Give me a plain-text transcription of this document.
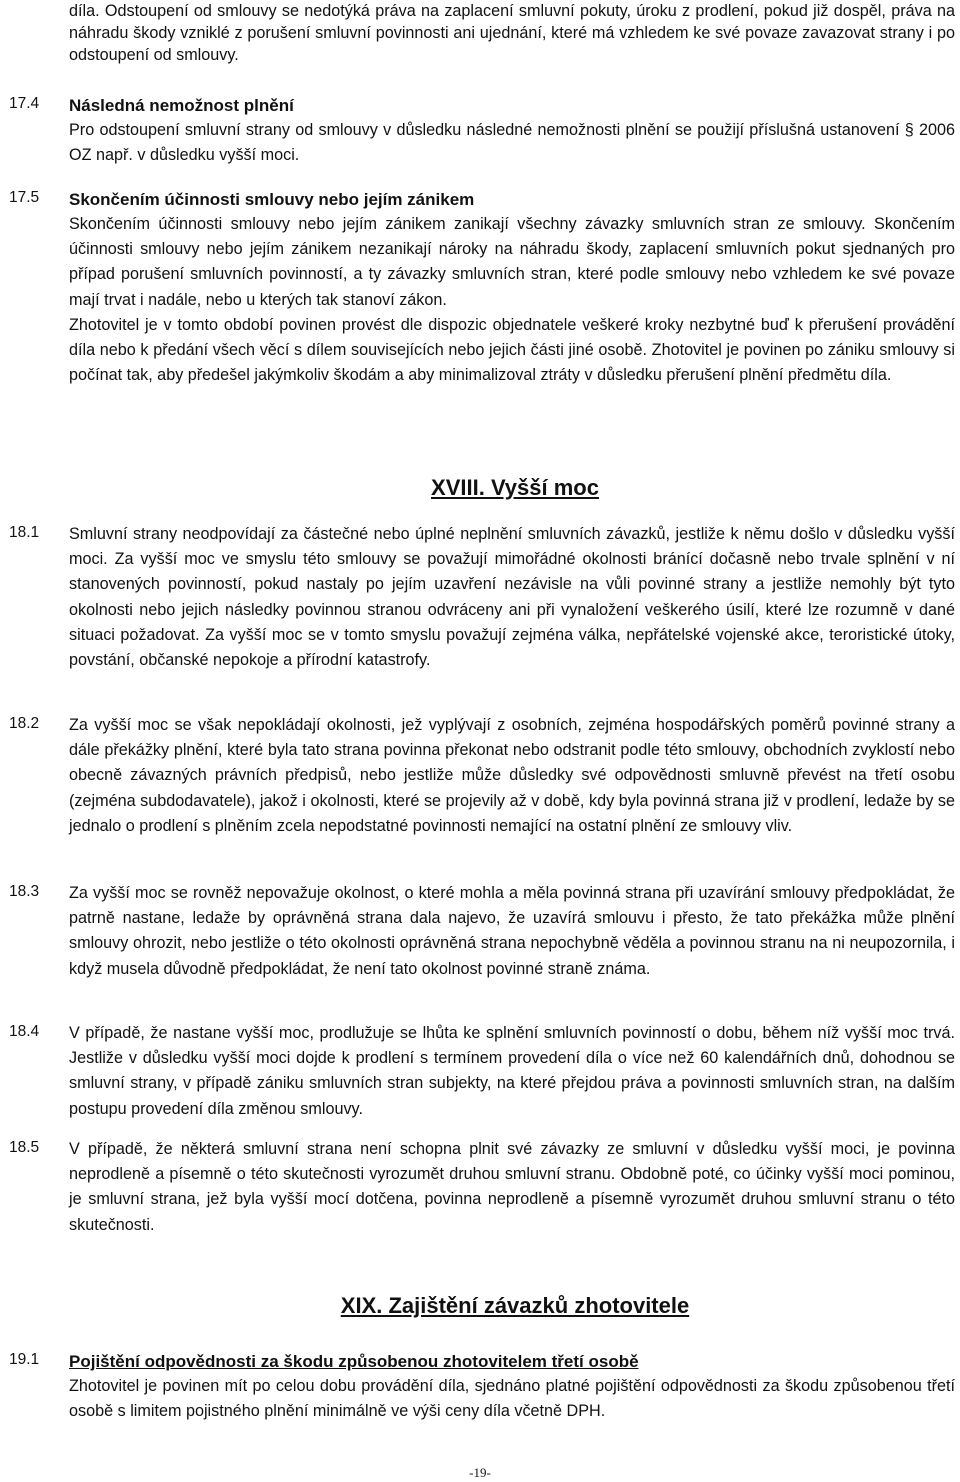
díla. Odstoupení od smlouvy se nedotýká práva na zaplacení smluvní pokuty, úroku z prodlení, pokud již dospěl, práva na náhradu škody vzniklé z porušení smluvní povinnosti ani ujednání, které má vzhledem ke své povaze zavazovat strany i po odstoupení od smlouvy.
17.4 Následná nemožnost plnění
Pro odstoupení smluvní strany od smlouvy v důsledku následné nemožnosti plnění se použijí příslušná ustanovení § 2006 OZ např. v důsledku vyšší moci.
17.5 Skončením účinnosti smlouvy nebo jejím zánikem
Skončením účinnosti smlouvy nebo jejím zánikem zanikají všechny závazky smluvních stran ze smlouvy. Skončením účinnosti smlouvy nebo jejím zánikem nezanikají nároky na náhradu škody, zaplacení smluvních pokut sjednaných pro případ porušení smluvních povinností, a ty závazky smluvních stran, které podle smlouvy nebo vzhledem ke své povaze mají trvat i nadále, nebo u kterých tak stanoví zákon.
Zhotovitel je v tomto období povinen provést dle dispozic objednatele veškeré kroky nezbytné buď k přerušení provádění díla nebo k předání všech věcí s dílem souvisejících nebo jejich části jiné osobě. Zhotovitel je povinen po zániku smlouvy si počínat tak, aby předešel jakýmkoliv škodám a aby minimalizoval ztráty v důsledku přerušení plnění předmětu díla.
XVIII. Vyšší moc
18.1 Smluvní strany neodpovídají za částečné nebo úplné neplnění smluvních závazků, jestliže k němu došlo v důsledku vyšší moci. Za vyšší moc ve smyslu této smlouvy se považují mimořádné okolnosti bránící dočasně nebo trvale splnění v ní stanovených povinností, pokud nastaly po jejím uzavření nezávisle na vůli povinné strany a jestliže nemohly být tyto okolnosti nebo jejich následky povinnou stranou odvráceny ani při vynaložení veškerého úsilí, které lze rozumně v dané situaci požadovat. Za vyšší moc se v tomto smyslu považují zejména válka, nepřátelské vojenské akce, teroristické útoky, povstání, občanské nepokoje a přírodní katastrofy.
18.2 Za vyšší moc se však nepokládají okolnosti, jež vyplývají z osobních, zejména hospodářských poměrů povinné strany a dále překážky plnění, které byla tato strana povinna překonat nebo odstranit podle této smlouvy, obchodních zvyklostí nebo obecně závazných právních předpisů, nebo jestliže může důsledky své odpovědnosti smluvně převést na třetí osobu (zejména subdodavatele), jakož i okolnosti, které se projevily až v době, kdy byla povinná strana již v prodlení, ledaže by se jednalo o prodlení s plněním zcela nepodstatné povinnosti nemající na ostatní plnění ze smlouvy vliv.
18.3 Za vyšší moc se rovněž nepovažuje okolnost, o které mohla a měla povinná strana při uzavírání smlouvy předpokládat, že patrně nastane, ledaže by oprávněná strana dala najevo, že uzavírá smlouvu i přesto, že tato překážka může plnění smlouvy ohrozit, nebo jestliže o této okolnosti oprávněná strana nepochybně věděla a povinnou stranu na ni neupozornila, i když musela důvodně předpokládat, že není tato okolnost povinné straně známa.
18.4 V případě, že nastane vyšší moc, prodlužuje se lhůta ke splnění smluvních povinností o dobu, během níž vyšší moc trvá. Jestliže v důsledku vyšší moci dojde k prodlení s termínem provedení díla o více než 60 kalendářních dnů, dohodnou se smluvní strany, v případě zániku smluvních stran subjekty, na které přejdou práva a povinnosti smluvních stran, na dalším postupu provedení díla změnou smlouvy.
18.5 V případě, že některá smluvní strana není schopna plnit své závazky ze smluvní v důsledku vyšší moci, je povinna neprodleně a písemně o této skutečnosti vyrozumět druhou smluvní stranu. Obdobně poté, co účinky vyšší moci pominou, je smluvní strana, jež byla vyšší mocí dotčena, povinna neprodleně a písemně vyrozumět druhou smluvní stranu o této skutečnosti.
XIX. Zajištění závazků zhotovitele
19.1 Pojištění odpovědnosti za škodu způsobenou zhotovitelem třetí osobě
Zhotovitel je povinen mít po celou dobu provádění díla, sjednáno platné pojištění odpovědnosti za škodu způsobenou třetí osobě s limitem pojistného plnění minimálně ve výši ceny díla včetně DPH.
-19-
